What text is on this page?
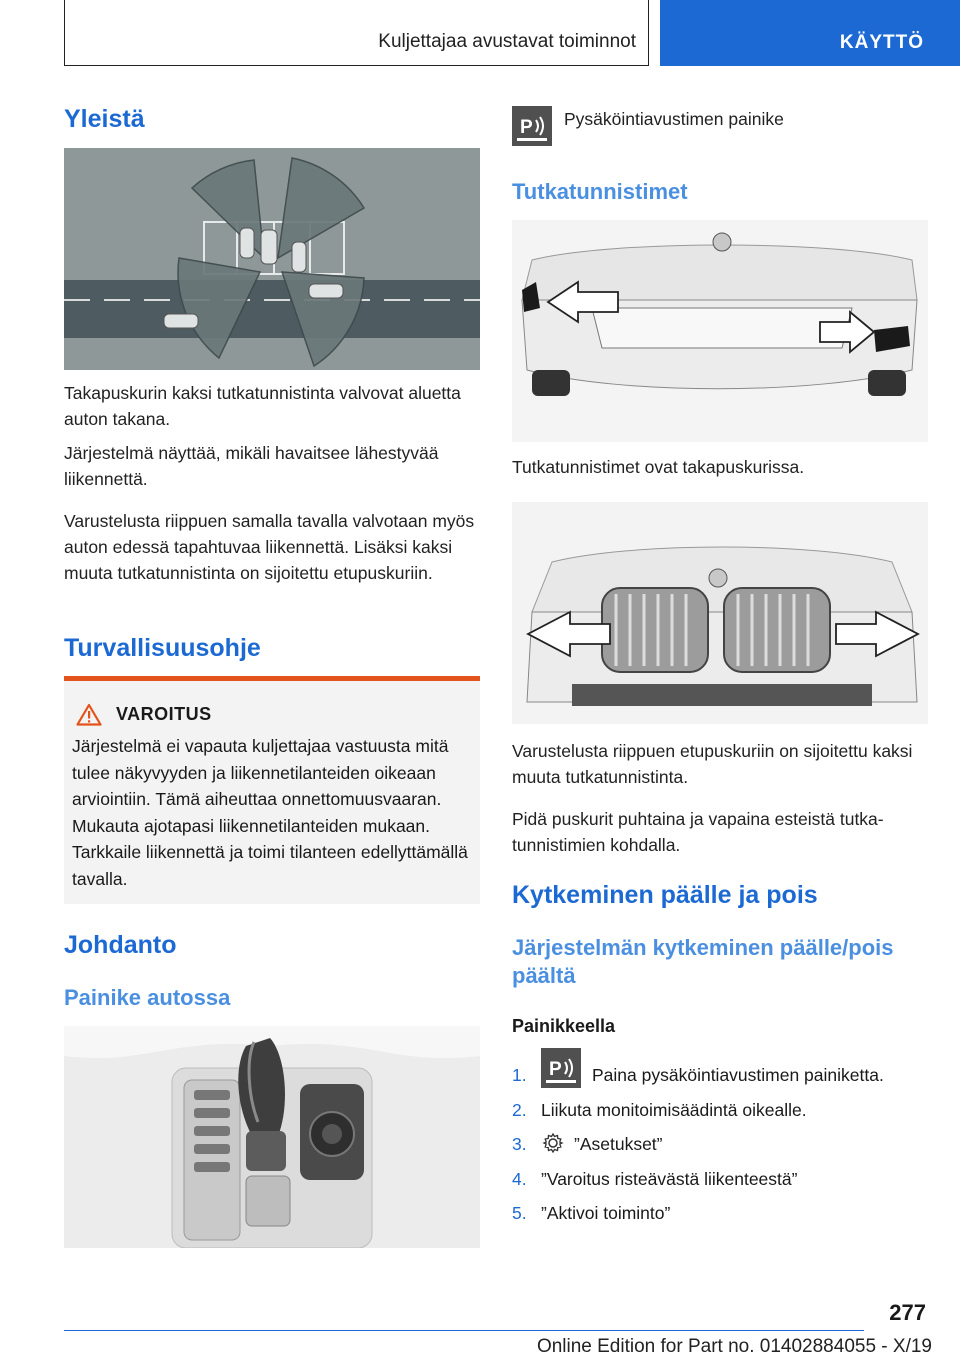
Kuljettajaa avustavat toiminnot	KÄYTTÖ
Yleistä
Takapuskurin kaksi tutkatunnistinta valvovat aluetta auton takana.
Järjestelmä näyttää, mikäli havaitsee lähestyvää liikennettä.
Varustelusta riippuen samalla tavalla valvotaan myös auton edessä tapahtuvaa liikennettä. Lisäksi kaksi muuta tutkatunnistinta on sijoitettu etupuskuriin.
Turvallisuusohje
VAROITUS
Järjestelmä ei vapauta kuljettajaa vastuusta mitä tulee näkyvyyden ja liikennetilanteiden oikeaan arviointiin. Tämä aiheuttaa onnettomuusvaaran. Mukauta ajotapasi liikennetilanteiden mukaan. Tarkkaile liikennettä ja toimi tilanteen edellyttämällä tavalla.
Johdanto
Painike autossa
P Pysäköintiavustimen painike
Tutkatunnistimet
Tutkatunnistimet ovat takapuskurissa.
Varustelusta riippuen etupuskuriin on sijoitettu kaksi muuta tutkatunnistinta.
Pidä puskurit puhtaina ja vapaina esteistä tutkatunnistimien kohdalla.
Kytkeminen päälle ja pois
Järjestelmän kytkeminen päälle/pois päältä
Painikkeella
1. P Paina pysäköintiavustimen painiketta.
2. Liikuta monitoimisäädintä oikealle.
3.	”Asetukset”
4. ”Varoitus risteävästä liikenteestä”
5. ”Aktivoi toiminto”
277
Online Edition for Part no. 01402884055 - X/19
